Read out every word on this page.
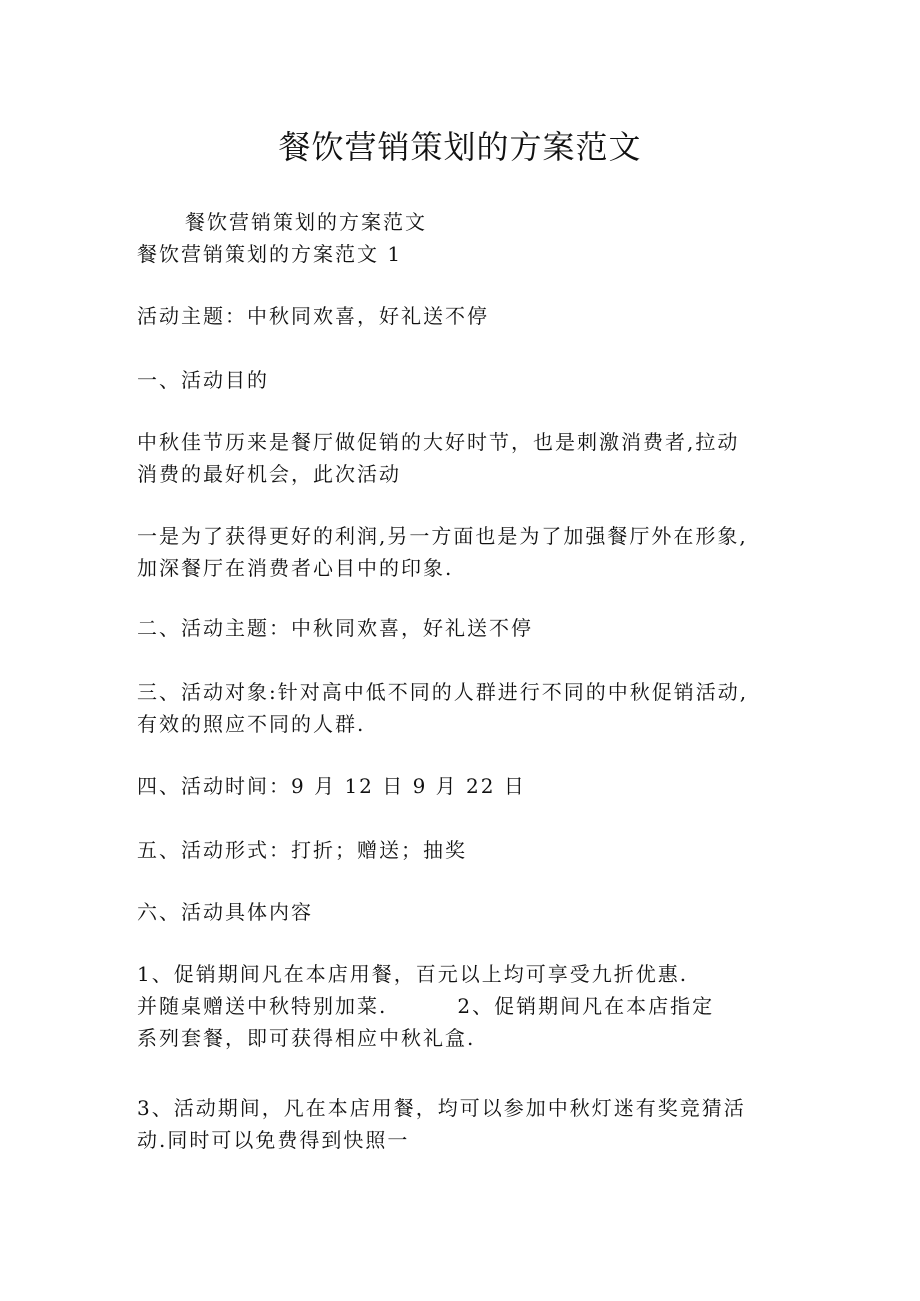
餐饮营销策划的方案范文

餐饮营销策划的方案范文

餐饮营销策划的方案范文 1

活动主题：中秋同欢喜，好礼送不停

一、活动目的

中秋佳节历来是餐厅做促销的大好时节，也是刺激消费者,拉动
消费的最好机会，此次活动

一是为了获得更好的利润,另一方面也是为了加强餐厅外在形象,
加深餐厅在消费者心目中的印象.

二、活动主题：中秋同欢喜，好礼送不停

三、活动对象:针对高中低不同的人群进行不同的中秋促销活动,
有效的照应不同的人群.

四、活动时间：9 月 12 日 9 月 22 日

五、活动形式：打折；赠送；抽奖

六、活动具体内容

1、促销期间凡在本店用餐，百元以上均可享受九折优惠.
并随桌赠送中秋特别加菜.	2、促销期间凡在本店指定
系列套餐，即可获得相应中秋礼盒.

3、活动期间，凡在本店用餐，均可以参加中秋灯迷有奖竞猜活
动.同时可以免费得到快照一
